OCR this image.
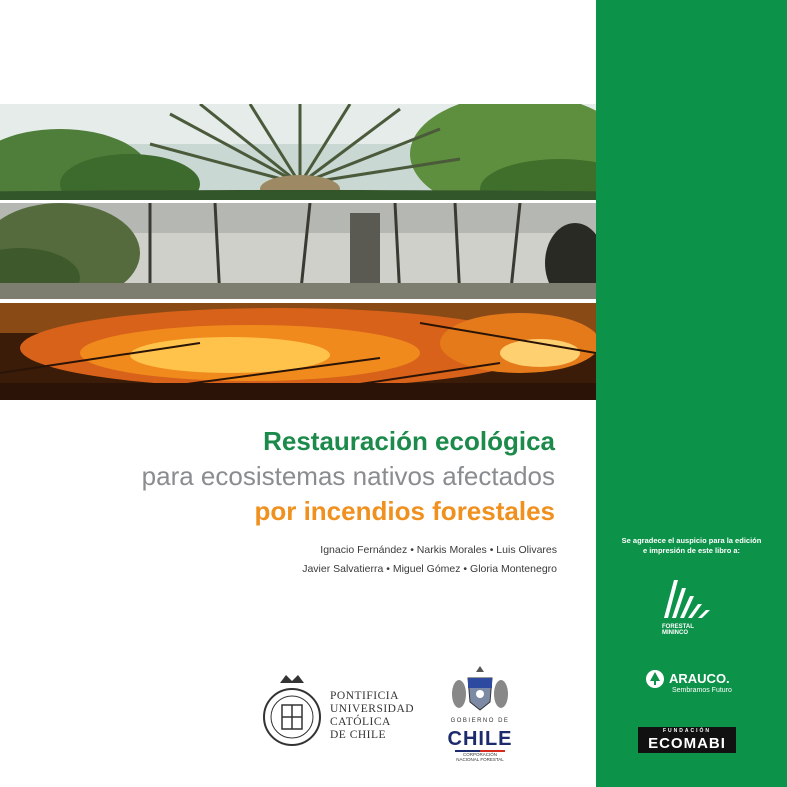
Restauración ecológica
para ecosistemas nativos afectados
por incendios forestales
Ignacio Fernández • Narkis Morales • Luis Olivares
Javier Salvatierra • Miguel Gómez • Gloria Montenegro
PONTIFICIA
UNIVERSIDAD
CATÓLICA
DE CHILE
GOBIERNO DE
CHILE
CORPORACIÓN
NACIONAL FORESTAL
Se agradece el auspicio para la edición
e impresión de este libro a:
FORESTAL MININCO
ARAUCO.
Sembramos Futuro
FUNDACIÓN
ECOMABI
